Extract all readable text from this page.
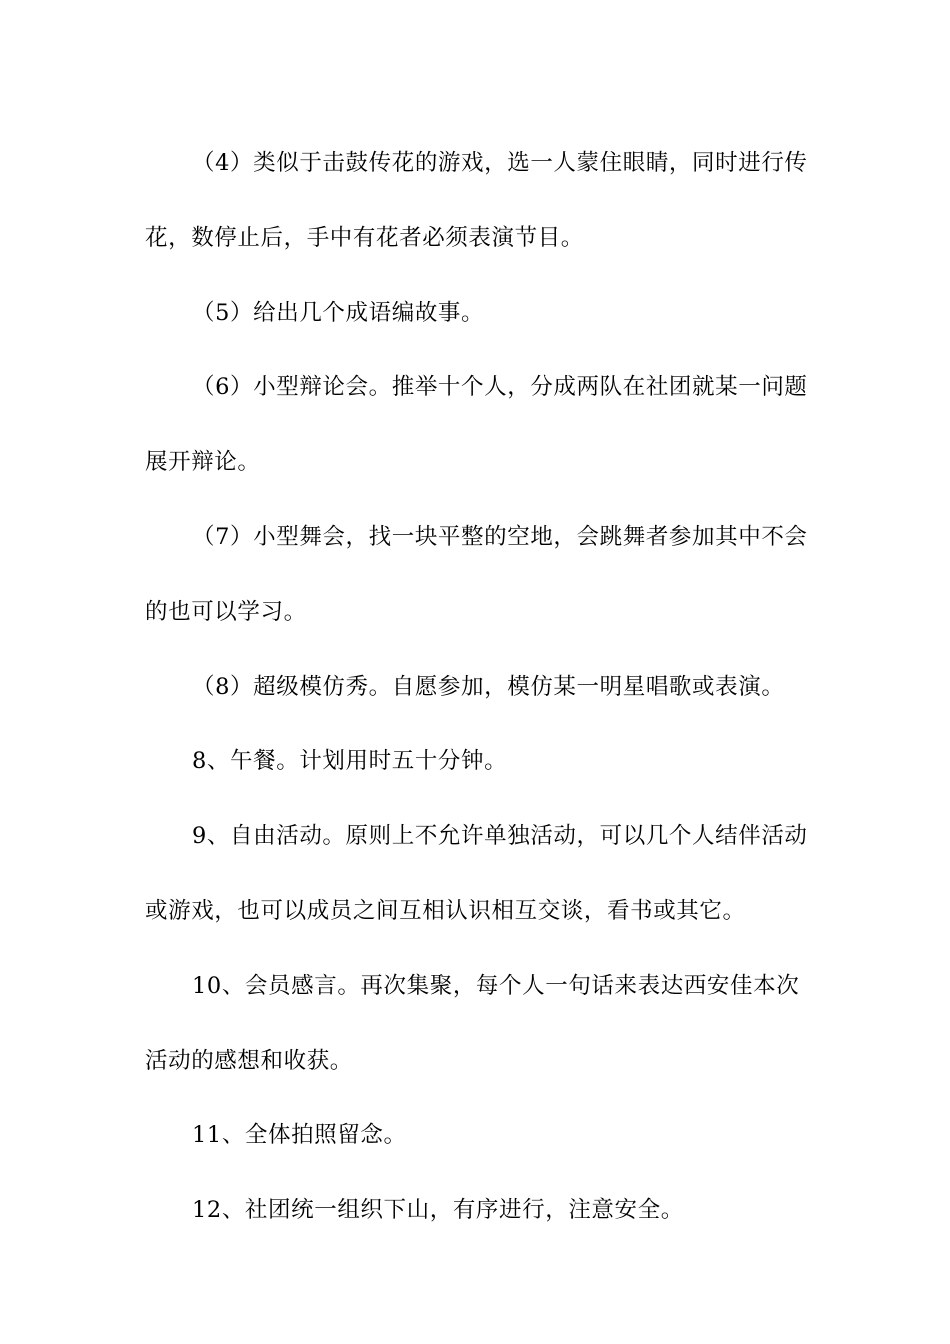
（4）类似于击鼓传花的游戏，选一人蒙住眼睛，同时进行传花，数停止后，手中有花者必须表演节目。

（5）给出几个成语编故事。

（6）小型辩论会。推举十个人，分成两队在社团就某一问题展开辩论。

（7）小型舞会，找一块平整的空地，会跳舞者参加其中不会的也可以学习。

（8）超级模仿秀。自愿参加，模仿某一明星唱歌或表演。

8、午餐。计划用时五十分钟。

9、自由活动。原则上不允许单独活动，可以几个人结伴活动或游戏，也可以成员之间互相认识相互交谈，看书或其它。

10、会员感言。再次集聚，每个人一句话来表达西安佳本次活动的感想和收获。

11、全体拍照留念。

12、社团统一组织下山，有序进行，注意安全。
